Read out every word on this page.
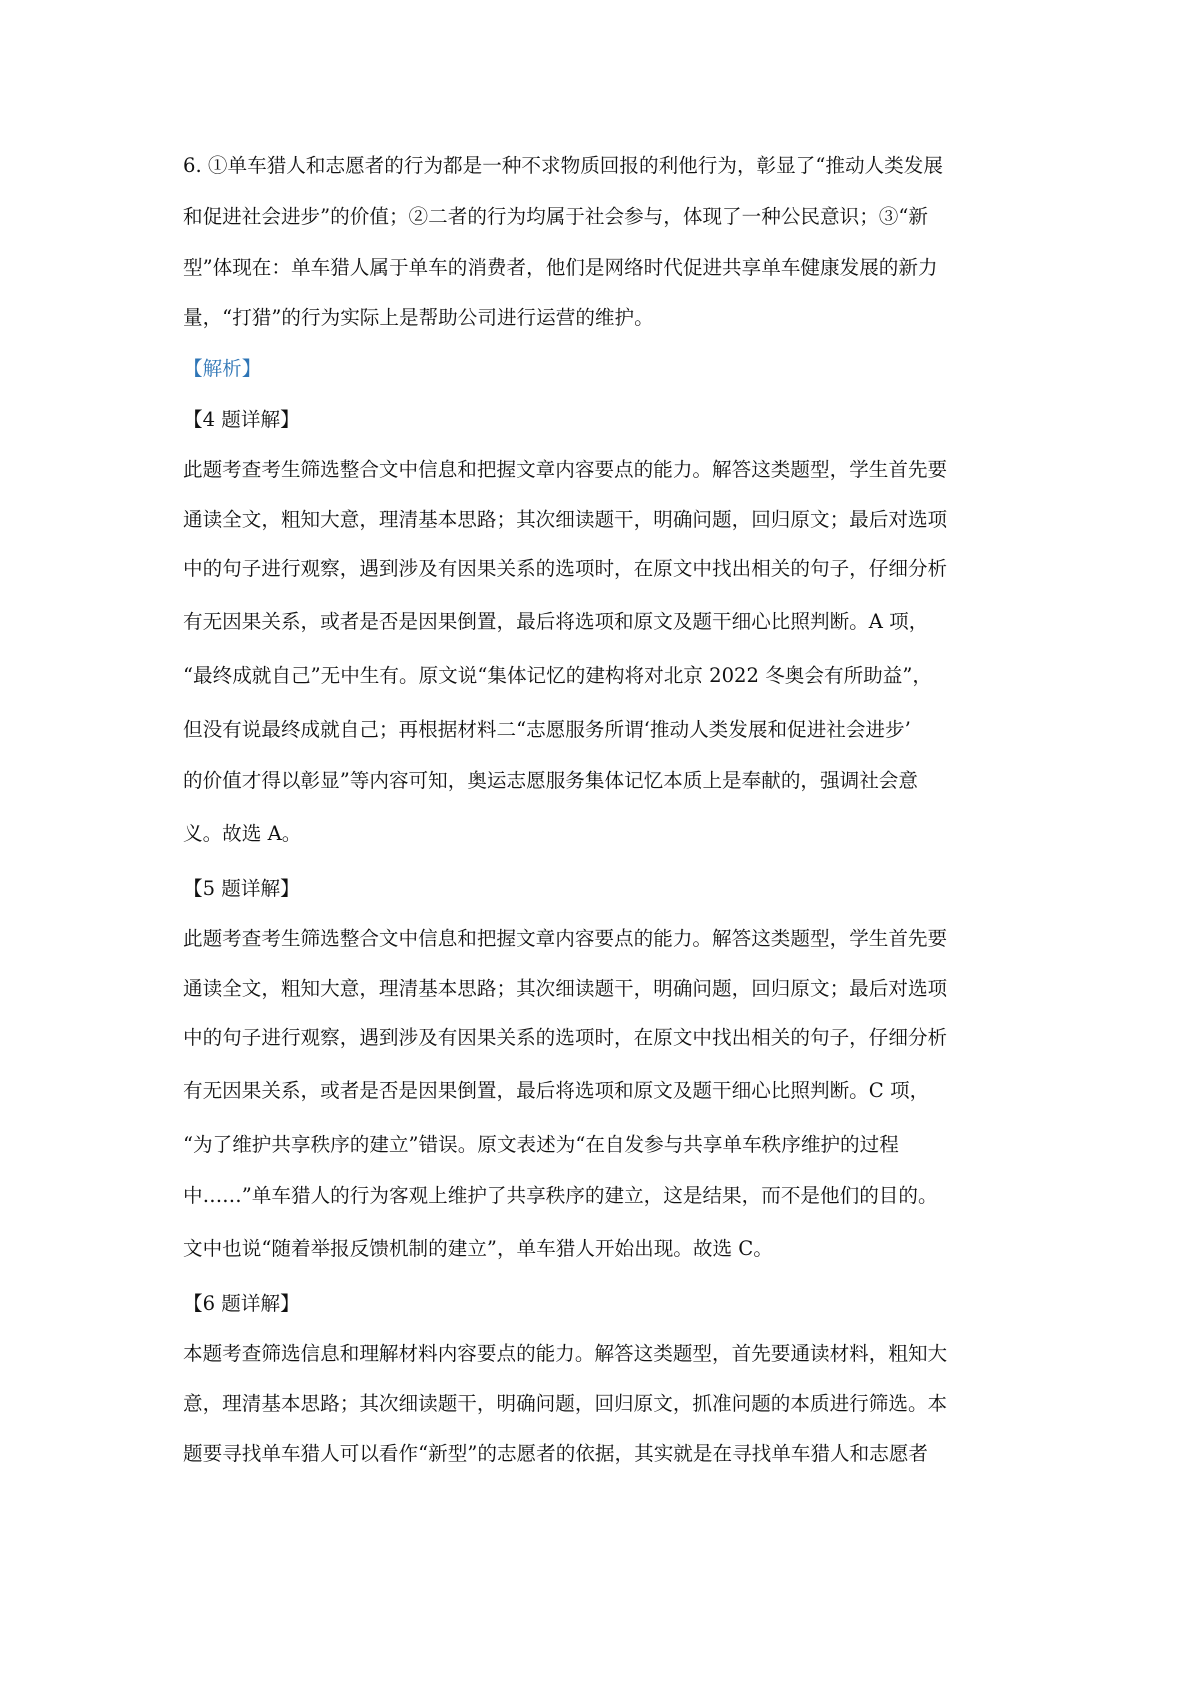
6. ①单车猎人和志愿者的行为都是一种不求物质回报的利他行为，彰显了“推动人类发展
和促进社会进步”的价值；②二者的行为均属于社会参与，体现了一种公民意识；③“新
型”体现在：单车猎人属于单车的消费者，他们是网络时代促进共享单车健康发展的新力
量，“打猎”的行为实际上是帮助公司进行运营的维护。
【解析】
【4 题详解】
此题考查考生筛选整合文中信息和把握文章内容要点的能力。解答这类题型，学生首先要
通读全文，粗知大意，理清基本思路；其次细读题干，明确问题，回归原文；最后对选项
中的句子进行观察，遇到涉及有因果关系的选项时，在原文中找出相关的句子，仔细分析
有无因果关系，或者是否是因果倒置，最后将选项和原文及题干细心比照判断。A 项，
“最终成就自己”无中生有。原文说“集体记忆的建构将对北京 2022 冬奥会有所助益”，
但没有说最终成就自己；再根据材料二“志愿服务所谓‘推动人类发展和促进社会进步’
的价值才得以彰显”等内容可知，奥运志愿服务集体记忆本质上是奉献的，强调社会意
义。故选 A。
【5 题详解】
此题考查考生筛选整合文中信息和把握文章内容要点的能力。解答这类题型，学生首先要
通读全文，粗知大意，理清基本思路；其次细读题干，明确问题，回归原文；最后对选项
中的句子进行观察，遇到涉及有因果关系的选项时，在原文中找出相关的句子，仔细分析
有无因果关系，或者是否是因果倒置，最后将选项和原文及题干细心比照判断。C 项，
“为了维护共享秩序的建立”错误。原文表述为“在自发参与共享单车秩序维护的过程
中……”单车猎人的行为客观上维护了共享秩序的建立，这是结果，而不是他们的目的。
文中也说“随着举报反馈机制的建立”，单车猎人开始出现。故选 C。
【6 题详解】
本题考查筛选信息和理解材料内容要点的能力。解答这类题型，首先要通读材料，粗知大
意，理清基本思路；其次细读题干，明确问题，回归原文，抓准问题的本质进行筛选。本
题要寻找单车猎人可以看作“新型”的志愿者的依据，其实就是在寻找单车猎人和志愿者
